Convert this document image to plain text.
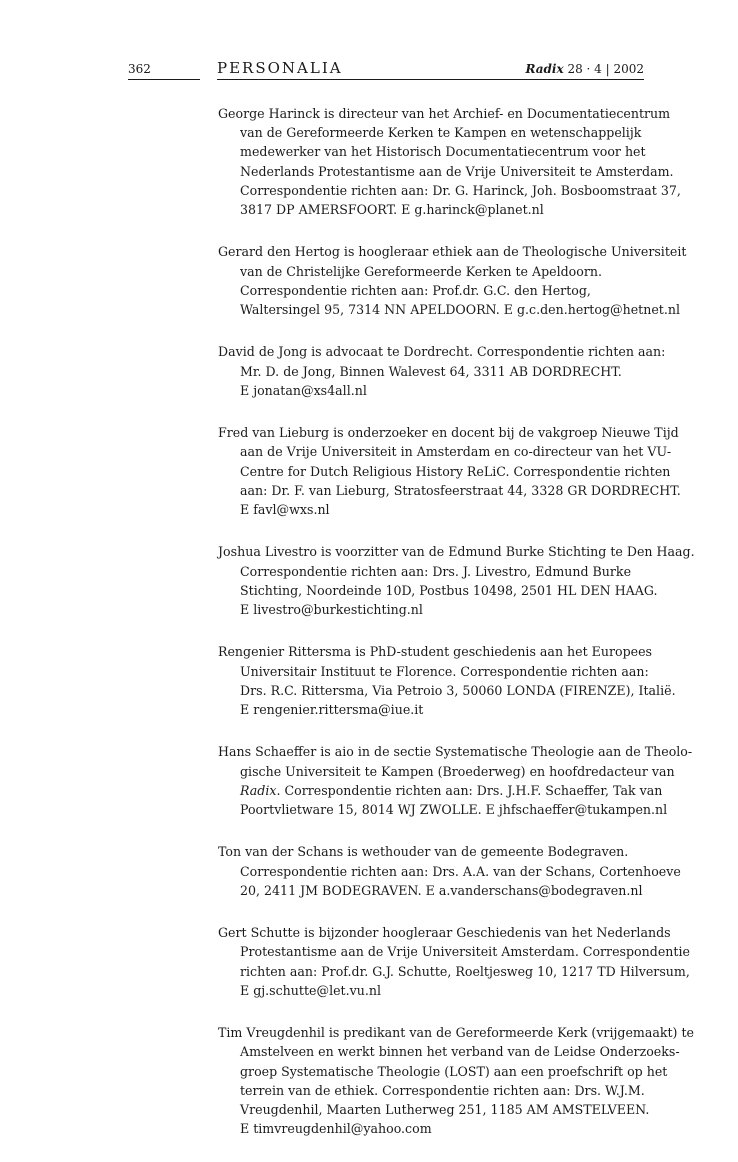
362	PERSONALIA	Radix 28 · 4 | 2002
George Harinck is directeur van het Archief- en Documentatiecentrum
van de Gereformeerde Kerken te Kampen en wetenschappelijk
medewerker van het Historisch Documentatiecentrum voor het
Nederlands Protestantisme aan de Vrije Universiteit te Amsterdam.
Correspondentie richten aan: Dr. G. Harinck, Joh. Bosboomstraat 37,
3817 DP AMERSFOORT. E g.harinck@planet.nl
Gerard den Hertog is hoogleraar ethiek aan de Theologische Universiteit
van de Christelijke Gereformeerde Kerken te Apeldoorn.
Correspondentie richten aan: Prof.dr. G.C. den Hertog,
Waltersingel 95, 7314 NN APELDOORN. E g.c.den.hertog@hetnet.nl
David de Jong is advocaat te Dordrecht. Correspondentie richten aan:
Mr. D. de Jong, Binnen Walevest 64, 3311 AB DORDRECHT.
E jonatan@xs4all.nl
Fred van Lieburg is onderzoeker en docent bij de vakgroep Nieuwe Tijd
aan de Vrije Universiteit in Amsterdam en co-directeur van het VU-
Centre for Dutch Religious History ReLiC. Correspondentie richten
aan: Dr. F. van Lieburg, Stratosfeerstraat 44, 3328 GR DORDRECHT.
E favl@wxs.nl
Joshua Livestro is voorzitter van de Edmund Burke Stichting te Den Haag.
Correspondentie richten aan: Drs. J. Livestro, Edmund Burke
Stichting, Noordeinde 10D, Postbus 10498, 2501 HL DEN HAAG.
E livestro@burkestichting.nl
Rengenier Rittersma is PhD-student geschiedenis aan het Europees
Universitair Instituut te Florence. Correspondentie richten aan:
Drs. R.C. Rittersma, Via Petroio 3, 50060 LONDA (FIRENZE), Italië.
E rengenier.rittersma@iue.it
Hans Schaeffer is aio in de sectie Systematische Theologie aan de Theolo-
gische Universiteit te Kampen (Broederweg) en hoofdredacteur van
Radix. Correspondentie richten aan: Drs. J.H.F. Schaeffer, Tak van
Poortvlietware 15, 8014 WJ ZWOLLE. E jhfschaeffer@tukampen.nl
Ton van der Schans is wethouder van de gemeente Bodegraven.
Correspondentie richten aan: Drs. A.A. van der Schans, Cortenhoeve
20, 2411 JM BODEGRAVEN. E a.vanderschans@bodegraven.nl
Gert Schutte is bijzonder hoogleraar Geschiedenis van het Nederlands
Protestantisme aan de Vrije Universiteit Amsterdam. Correspondentie
richten aan: Prof.dr. G.J. Schutte, Roeltjesweg 10, 1217 TD Hilversum,
E gj.schutte@let.vu.nl
Tim Vreugdenhil is predikant van de Gereformeerde Kerk (vrijgemaakt) te
Amstelveen en werkt binnen het verband van de Leidse Onderzoeks-
groep Systematische Theologie (LOST) aan een proefschrift op het
terrein van de ethiek. Correspondentie richten aan: Drs. W.J.M.
Vreugdenhil, Maarten Lutherweg 251, 1185 AM AMSTELVEEN.
E timvreugdenhil@yahoo.com
